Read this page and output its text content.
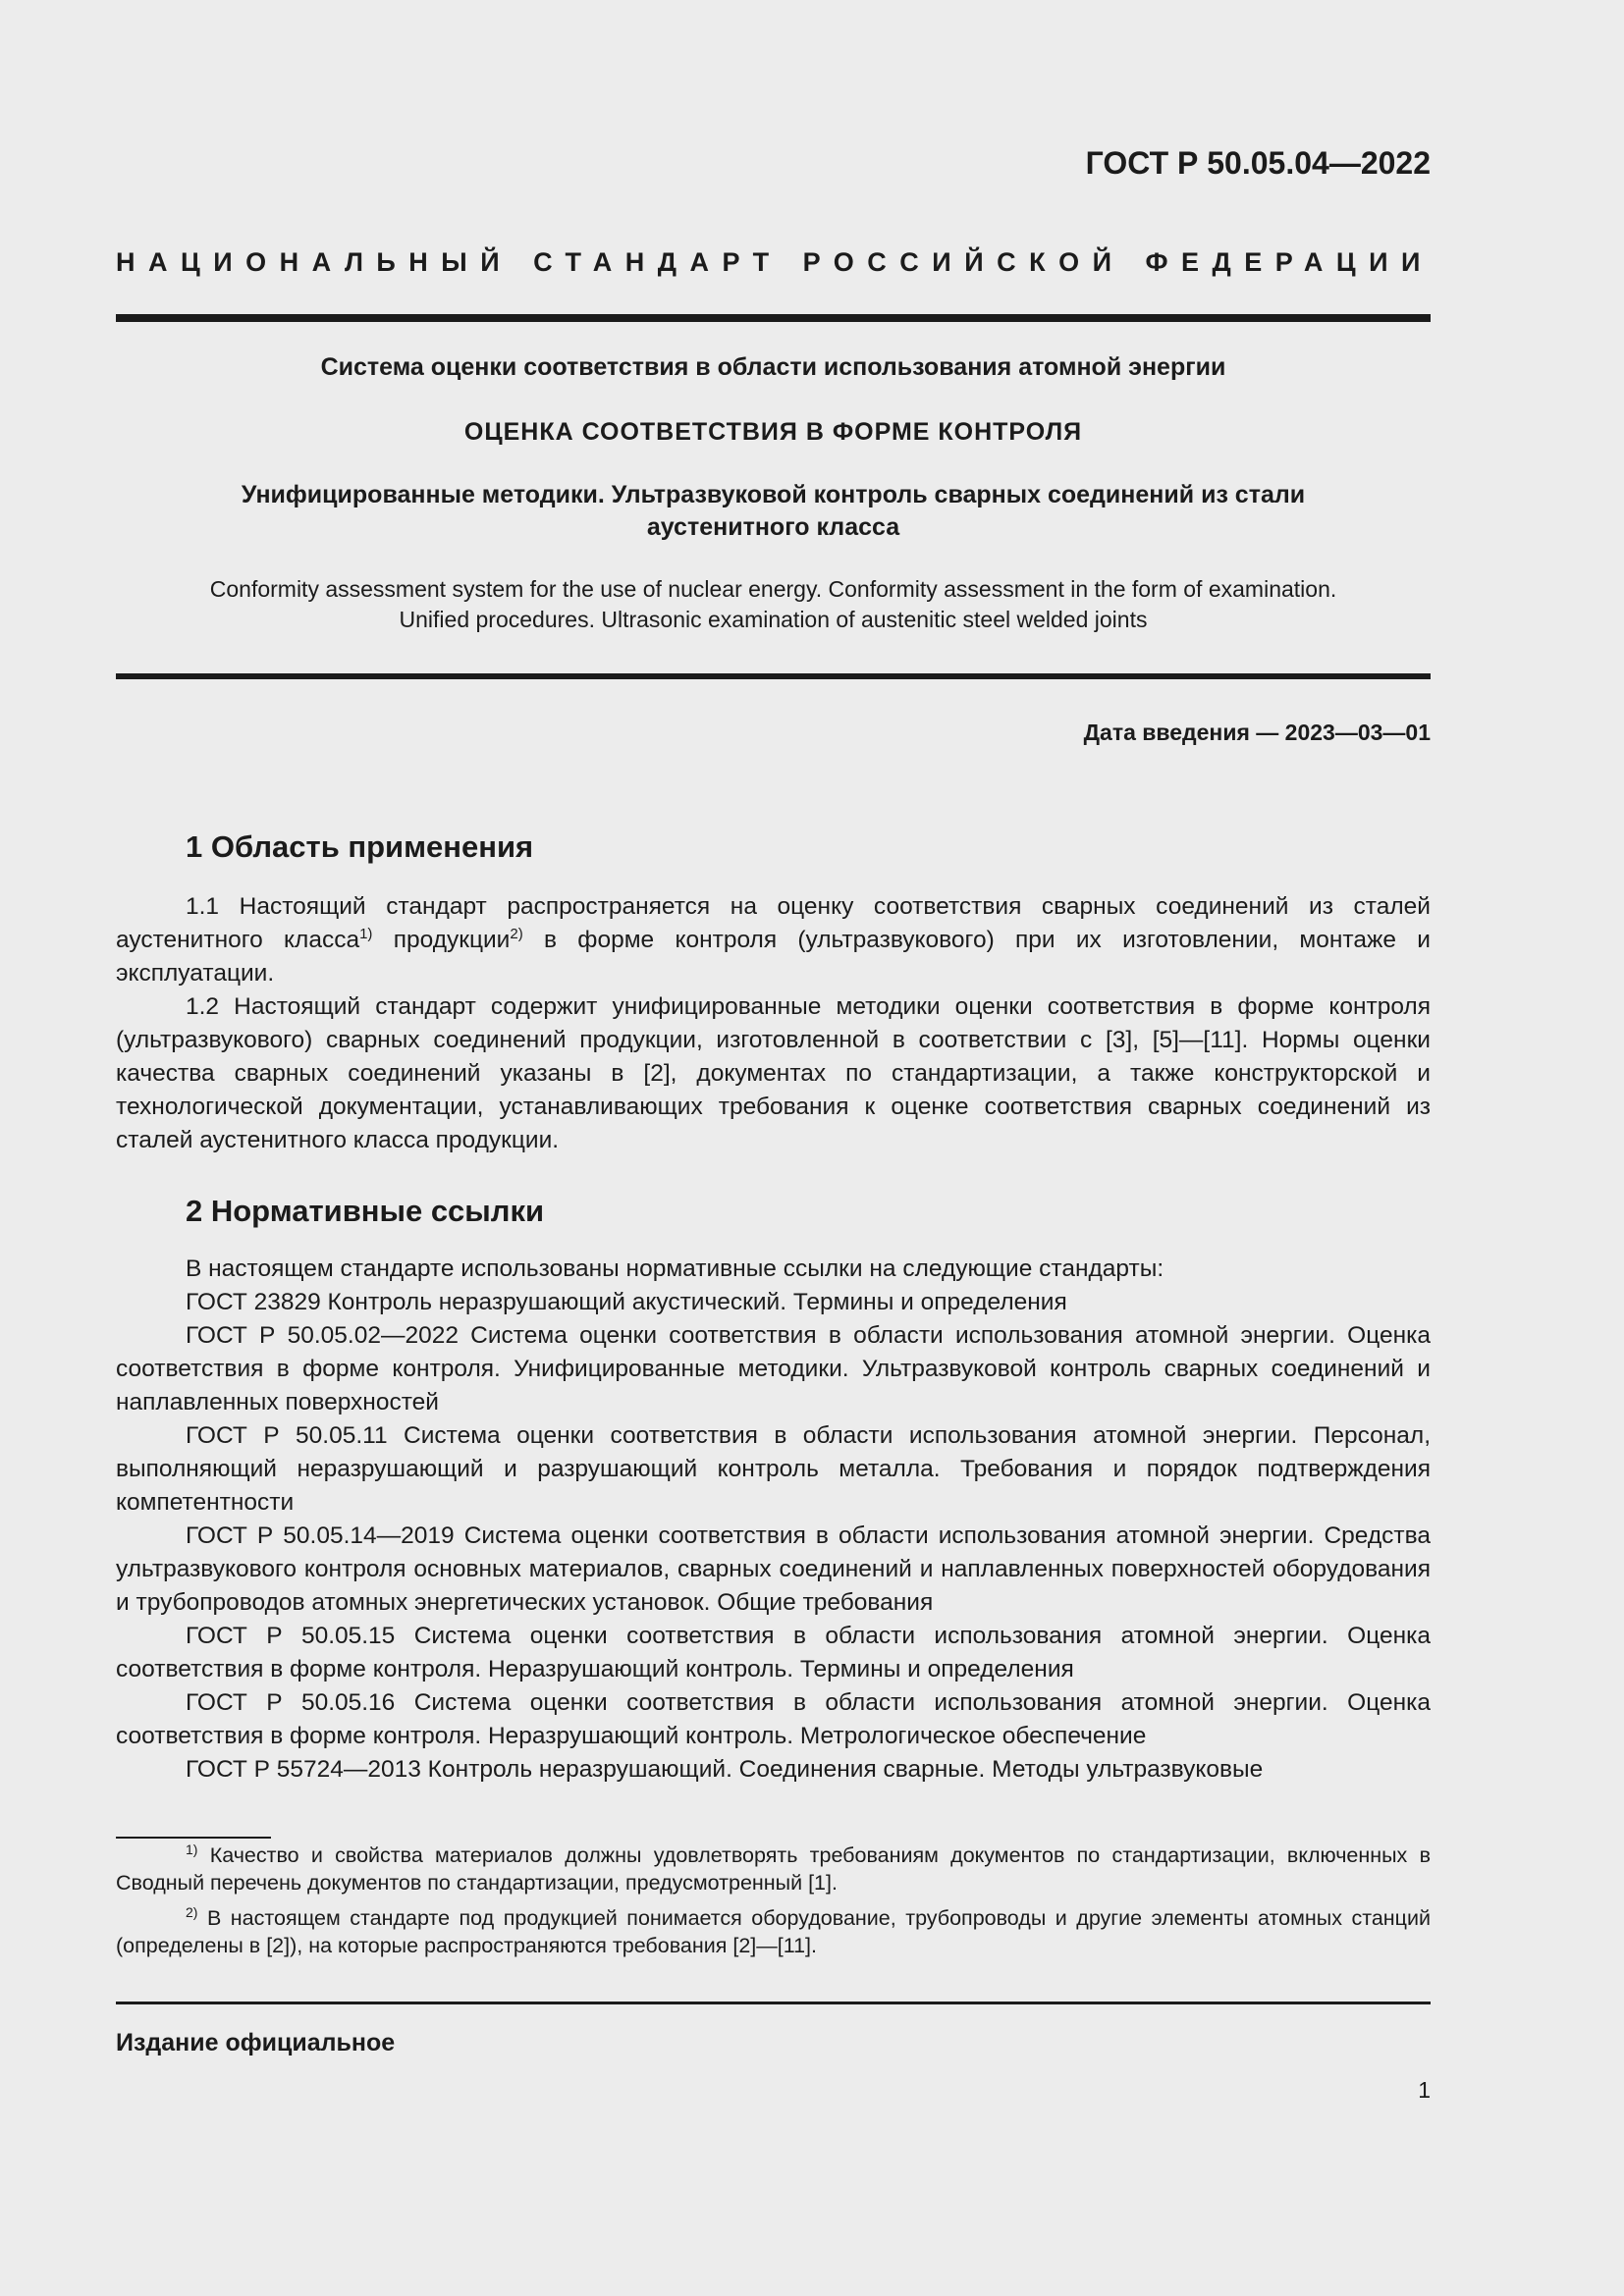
ГОСТ Р 50.05.04—2022
НАЦИОНАЛЬНЫЙ СТАНДАРТ РОССИЙСКОЙ ФЕДЕРАЦИИ
Система оценки соответствия в области использования атомной энергии
ОЦЕНКА СООТВЕТСТВИЯ В ФОРМЕ КОНТРОЛЯ
Унифицированные методики. Ультразвуковой контроль сварных соединений из стали
аустенитного класса
Conformity assessment system for the use of nuclear energy. Conformity assessment in the form of examination.
Unified procedures. Ultrasonic examination of austenitic steel welded joints
Дата введения — 2023—03—01
1 Область применения

1.1 Настоящий стандарт распространяется на оценку соответствия сварных соединений из сталей аустенитного класса$^{1)}$ продукции$^{2)}$ в форме контроля (ультразвукового) при их изготовлении, монтаже и эксплуатации.

1.2 Настоящий стандарт содержит унифицированные методики оценки соответствия в форме контроля (ультразвукового) сварных соединений продукции, изготовленной в соответствии с [3], [5]—[11]. Нормы оценки качества сварных соединений указаны в [2], документах по стандартизации, а также конструкторской и технологической документации, устанавливающих требования к оценке соответствия сварных соединений из сталей аустенитного класса продукции.

2 Нормативные ссылки

В настоящем стандарте использованы нормативные ссылки на следующие стандарты:

ГОСТ 23829 Контроль неразрушающий акустический. Термины и определения

ГОСТ Р 50.05.02—2022 Система оценки соответствия в области использования атомной энергии. Оценка соответствия в форме контроля. Унифицированные методики. Ультразвуковой контроль сварных соединений и наплавленных поверхностей

ГОСТ Р 50.05.11 Система оценки соответствия в области использования атомной энергии. Персонал, выполняющий неразрушающий и разрушающий контроль металла. Требования и порядок подтверждения компетентности

ГОСТ Р 50.05.14—2019 Система оценки соответствия в области использования атомной энергии. Средства ультразвукового контроля основных материалов, сварных соединений и наплавленных поверхностей оборудования и трубопроводов атомных энергетических установок. Общие требования

ГОСТ Р 50.05.15 Система оценки соответствия в области использования атомной энергии. Оценка соответствия в форме контроля. Неразрушающий контроль. Термины и определения

ГОСТ Р 50.05.16 Система оценки соответствия в области использования атомной энергии. Оценка соответствия в форме контроля. Неразрушающий контроль. Метрологическое обеспечение

ГОСТ Р 55724—2013 Контроль неразрушающий. Соединения сварные. Методы ультразвуковые

$^{1)}$ Качество и свойства материалов должны удовлетворять требованиям документов по стандартизации, включенных в Сводный перечень документов по стандартизации, предусмотренный [1].

$^{2)}$ В настоящем стандарте под продукцией понимается оборудование, трубопроводы и другие элементы атомных станций (определены в [2]), на которые распространяются требования [2]—[11].

Издание официальное
1
